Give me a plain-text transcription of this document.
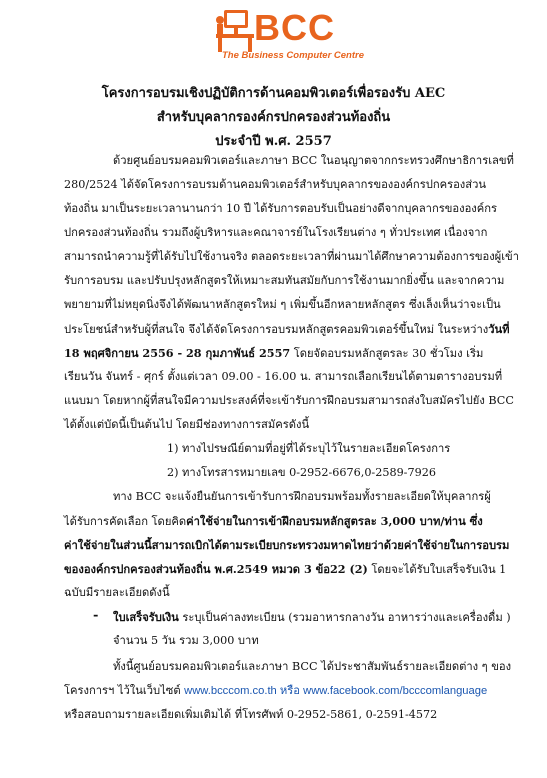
BCC
The Business Computer Centre
โครงการอบรมเชิงปฏิบัติการด้านคอมพิวเตอร์เพื่อรองรับ AEC
สำหรับบุคลากรองค์กรปกครองส่วนท้องถิ่น
ประจำปี พ.ศ. 2557
ด้วยศูนย์อบรมคอมพิวเตอร์และภาษา BCC ในอนุญาตจากกระทรวงศึกษาธิการเลขที่
280/2524 ได้จัดโครงการอบรมด้านคอมพิวเตอร์สำหรับบุคลากรขององค์กรปกครองส่วน
ท้องถิ่น มาเป็นระยะเวลานานกว่า 10 ปี ได้รับการตอบรับเป็นอย่างดีจากบุคลากรขององค์กร
ปกครองส่วนท้องถิ่น รวมถึงผู้บริหารและคณาจารย์ในโรงเรียนต่าง ๆ ทั่วประเทศ เนื่องจาก
สามารถนำความรู้ที่ได้รับไปใช้งานจริง ตลอดระยะเวลาที่ผ่านมาได้ศึกษาความต้องการของผู้เข้า
รับการอบรม และปรับปรุงหลักสูตรให้เหมาะสมทันสมัยกับการใช้งานมากยิ่งขึ้น และจากความ
พยายามที่ไม่หยุดนิ่งจึงได้พัฒนาหลักสูตรใหม่ ๆ เพิ่มขึ้นอีกหลายหลักสูตร ซึ่งเล็งเห็นว่าจะเป็น
ประโยชน์สำหรับผู้ที่สนใจ จึงได้จัดโครงการอบรมหลักสูตรคอมพิวเตอร์ขึ้นใหม่ ในระหว่างวันที่
18 พฤศจิกายน 2556 - 28 กุมภาพันธ์ 2557 โดยจัดอบรมหลักสูตรละ 30 ชั่วโมง เริ่ม
เรียนวัน จันทร์ - ศุกร์ ตั้งแต่เวลา 09.00 - 16.00 น. สามารถเลือกเรียนได้ตามตารางอบรมที่
แนบมา โดยหากผู้ที่สนใจมีความประสงค์ที่จะเข้ารับการฝึกอบรมสามารถส่งใบสมัครไปยัง BCC
ได้ตั้งแต่บัดนี้เป็นต้นไป โดยมีช่องทางการสมัครดังนี้
1) ทางไปรษณีย์ตามที่อยู่ที่ได้ระบุไว้ในรายละเอียดโครงการ
2) ทางโทรสารหมายเลข 0-2952-6676,0-2589-7926
ทาง BCC จะแจ้งยืนยันการเข้ารับการฝึกอบรมพร้อมทั้งรายละเอียดให้บุคลากรผู้
ได้รับการคัดเลือก โดยคิดค่าใช้จ่ายในการเข้าฝึกอบรมหลักสูตรละ 3,000 บาท/ท่าน ซึ่ง
ค่าใช้จ่ายในส่วนนี้สามารถเบิกได้ตามระเบียบกระทรวงมหาดไทยว่าด้วยค่าใช้จ่ายในการอบรม
ขององค์กรปกครองส่วนท้องถิ่น พ.ศ.2549 หมวด 3 ข้อ22 (2) โดยจะได้รับใบเสร็จรับเงิน 1
ฉบับมีรายละเอียดดังนี้
- ใบเสร็จรับเงิน ระบุเป็นค่าลงทะเบียน (รวมอาหารกลางวัน อาหารว่างและเครื่องดื่ม )
จำนวน 5 วัน รวม 3,000 บาท
ทั้งนี้ศูนย์อบรมคอมพิวเตอร์และภาษา BCC ได้ประชาสัมพันธ์รายละเอียดต่าง ๆ ของ
โครงการฯ ไว้ในเว็บไซต์ www.bcccom.co.th หรือ www.facebook.com/bcccomlanguage
หรือสอบถามรายละเอียดเพิ่มเติมได้ ที่โทรศัพท์ 0-2952-5861, 0-2591-4572
